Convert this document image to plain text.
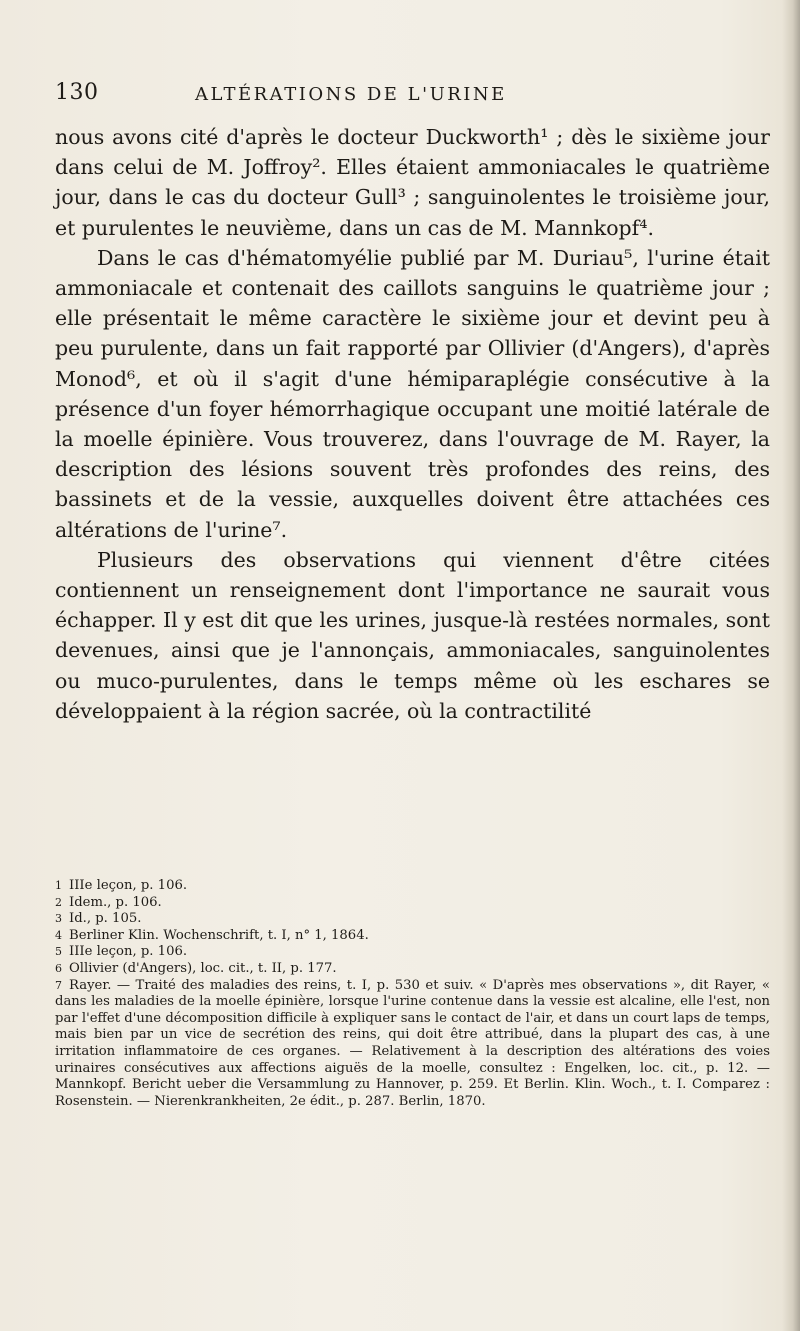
130	ALTÉRATIONS DE L'URINE

nous avons cité d'après le docteur Duckworth¹ ; dès le sixième jour dans celui de M. Joffroy². Elles étaient ammoniacales le quatrième jour, dans le cas du docteur Gull³ ; sanguinolentes le troisième jour, et purulentes le neuvième, dans un cas de M. Mannkopf⁴.

Dans le cas d'hématomyélie publié par M. Duriau⁵, l'urine était ammoniacale et contenait des caillots sanguins le quatrième jour ; elle présentait le même caractère le sixième jour et devint peu à peu purulente, dans un fait rapporté par Ollivier (d'Angers), d'après Monod⁶, et où il s'agit d'une hémiparaplégie consécutive à la présence d'un foyer hémorrhagique occupant une moitié latérale de la moelle épinière. Vous trouverez, dans l'ouvrage de M. Rayer, la description des lésions souvent très profondes des reins, des bassinets et de la vessie, auxquelles doivent être attachées ces altérations de l'urine⁷.

Plusieurs des observations qui viennent d'être citées contiennent un renseignement dont l'importance ne saurait vous échapper. Il y est dit que les urines, jusque-là restées normales, sont devenues, ainsi que je l'annonçais, ammoniacales, sanguinolentes ou muco-purulentes, dans le temps même où les eschares se développaient à la région sacrée, où la contractilité

1 IIIe leçon, p. 106.
2 Idem., p. 106.
3 Id., p. 105.
4 Berliner Klin. Wochenschrift, t. I, n° 1, 1864.
5 IIIe leçon, p. 106.
6 Ollivier (d'Angers), loc. cit., t. II, p. 177.
7 Rayer. — Traité des maladies des reins, t. I, p. 530 et suiv. « D'après mes observations », dit Rayer, « dans les maladies de la moelle épinière, lorsque l'urine contenue dans la vessie est alcaline, elle l'est, non par l'effet d'une décomposition difficile à expliquer sans le contact de l'air, et dans un court laps de temps, mais bien par un vice de secrétion des reins, qui doit être attribué, dans la plupart des cas, à une irritation inflammatoire de ces organes. — Relativement à la description des altérations des voies urinaires consécutives aux affections aiguës de la moelle, consultez : Engelken, loc. cit., p. 12. — Mannkopf. Bericht ueber die Versammlung zu Hannover, p. 259. Et Berlin. Klin. Woch., t. I. Comparez : Rosenstein. — Nierenkrankheiten, 2e édit., p. 287. Berlin, 1870.
